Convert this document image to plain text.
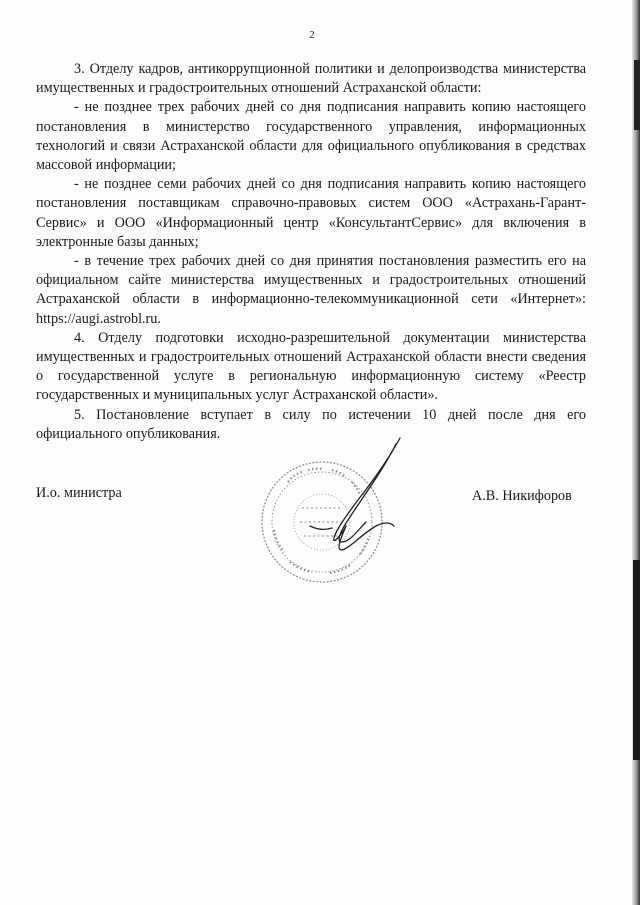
2

3. Отделу кадров, антикоррупционной политики и делопроизводства министерства имущественных и градостроительных отношений Астраханской области:

- не позднее трех рабочих дней со дня подписания направить копию настоящего постановления в министерство государственного управления, информационных технологий и связи Астраханской области для официального опубликования в средствах массовой информации;

- не позднее семи рабочих дней со дня подписания направить копию настоящего постановления поставщикам справочно-правовых систем ООО «Астрахань-Гарант-Сервис» и ООО «Информационный центр «КонсультантСервис» для включения в электронные базы данных;

- в течение трех рабочих дней со дня принятия постановления разместить его на официальном сайте министерства имущественных и градостроительных отношений Астраханской области в информационно-телекоммуникационной сети «Интернет»: https://augi.astrobl.ru.

4. Отделу подготовки исходно-разрешительной документации министерства имущественных и градостроительных отношений Астраханской области внести сведения о государственной услуге в региональную информационную систему «Реестр государственных и муниципальных услуг Астраханской области».

5. Постановление вступает в силу по истечении 10 дней после дня его официального опубликования.

И.о. министра	А.В. Никифоров
